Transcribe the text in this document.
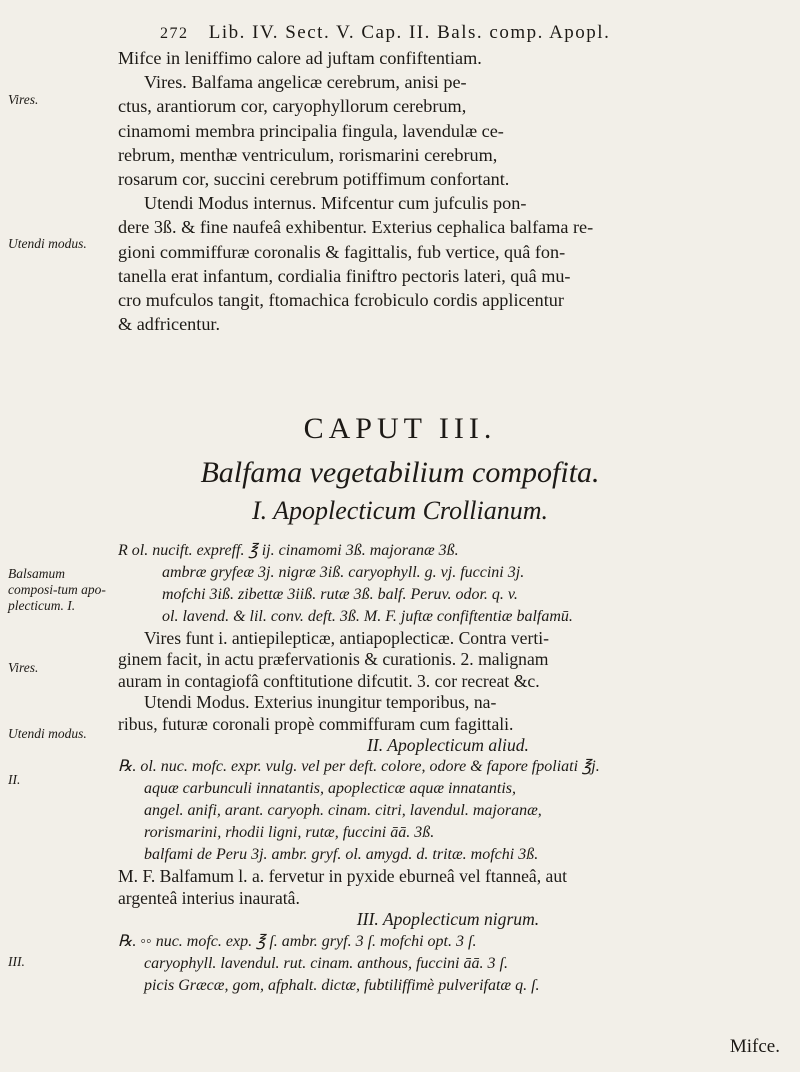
272 Lib. IV. Sect. V. Cap. II. Bals. comp. Apopl.
Vires.
Utendi modus.
Balsamum composi-tum apo-plecticum. I.
Vires.
Utendi modus.
II.
III.
Mifce in leniffimo calore ad juftam confiftentiam.
Vires. Balfama angelicæ cerebrum, anisi pe-
ctus, arantiorum cor, caryophyllorum cerebrum,
cinamomi membra principalia fingula, lavendulæ ce-
rebrum, menthæ ventriculum, rorismarini cerebrum,
rosarum cor, succini cerebrum potiffimum confortant.
Utendi Modus internus. Mifcentur cum jufculis pon-
dere 3ß. & fine naufeâ exhibentur. Exterius cephalica balfama re-
gioni commiffuræ coronalis & fagittalis, fub vertice, quâ fon-
tanella erat infantum, cordialia finiftro pectoris lateri, quâ mu-
cro mufculos tangit, ftomachica fcrobiculo cordis applicentur
& adfricentur.
CAPUT III.
Balfama vegetabilium compofita.
I. Apoplecticum Crollianum.
R ol. nucift. expreff. ℥ ij. cinamomi 3ß. majoranæ 3ß.
ambræ gryfeæ 3j. nigræ 3iß. caryophyll. g. vj. fuccini 3j.
mofchi 3iß. zibettæ 3iiß. rutæ 3ß. balf. Peruv. odor. q. v.
ol. lavend. & lil. conv. deft. 3ß. M. F. juftæ confiftentiæ balfamū.
Vires funt i. antiepilepticæ, antiapoplecticæ. Contra verti-
ginem facit, in actu præfervationis & curationis. 2. malignam
auram in contagiofâ conftitutione difcutit. 3. cor recreat &c.
Utendi Modus. Exterius inungitur temporibus, na-
ribus, futuræ coronali propè commiffuram cum fagittali.
II. Apoplecticum aliud.
℞. ol. nuc. mofc. expr. vulg. vel per deft. colore, odore & fapore fpoliati ℥j.
aquæ carbunculi innatantis, apoplecticæ aquæ innatantis,
angel. anifi, arant. caryoph. cinam. citri, lavendul. majoranæ,
rorismarini, rhodii ligni, rutæ, fuccini āā. 3ß.
balfami de Peru 3j. ambr. gryf. ol. amygd. d. tritæ. mofchi 3ß.
M. F. Balfamum l. a. fervetur in pyxide eburneâ vel ftanneâ, aut
argenteâ interius inauratâ.
III. Apoplecticum nigrum.
℞. ◦◦ nuc. mofc. exp. ℥ ſ. ambr. gryf. 3 ſ. mofchi opt. 3 ſ.
caryophyll. lavendul. rut. cinam. anthous, fuccini āā. 3 ſ.
picis Græcæ, gom, afphalt. dictæ, fubtiliffimè pulverifatæ q. ſ.
Mifce.
